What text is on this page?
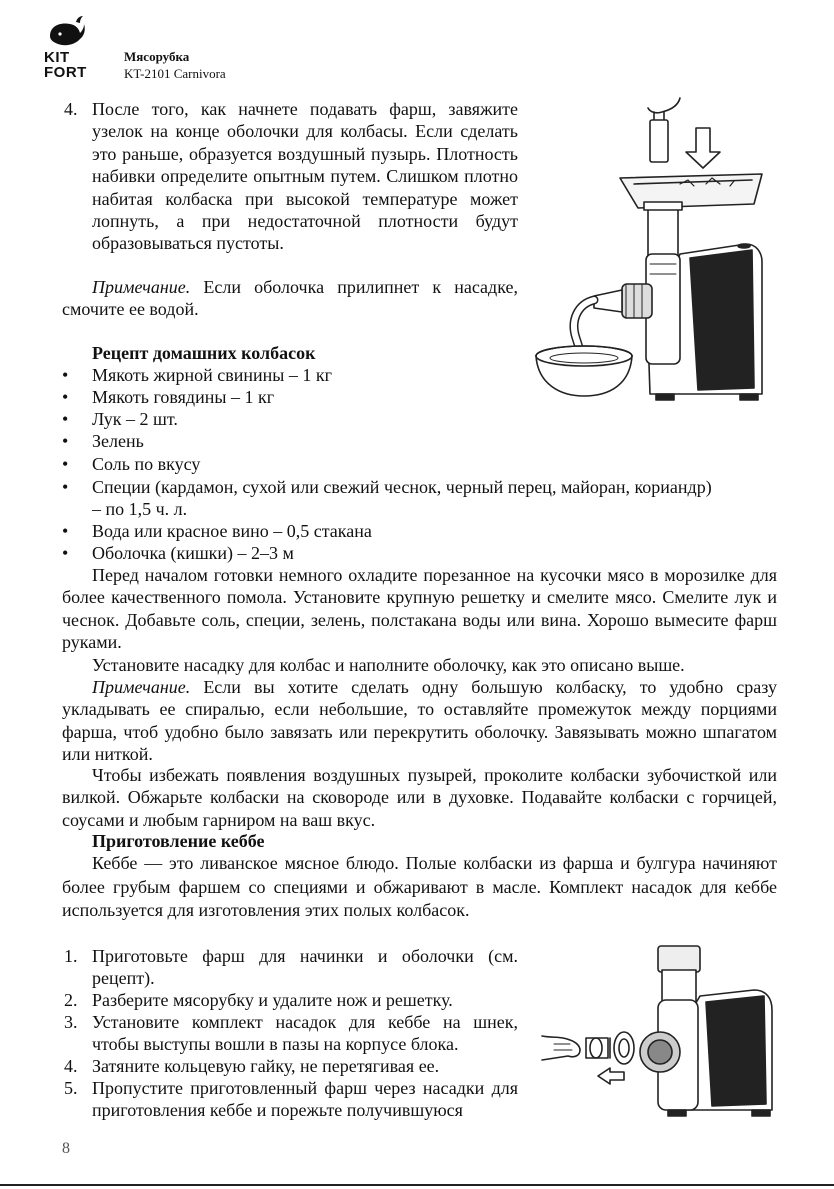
KIT
FORT
Мясорубка
KT-2101 Carnivora
4. После того, как начнете подавать фарш, завяжите узелок на конце оболочки для колбасы. Если сделать это раньше, образуется воздушный пузырь. Плотность набивки определите опытным путем. Слишком плотно набитая колбаска при высокой температуре может лопнуть, а при недостаточной плотности будут образовываться пустоты.
Примечание. Если оболочка прилипнет к насадке, смочите ее водой.
Рецепт домашних колбасок
• Мякоть жирной свинины – 1 кг
• Мякоть говядины – 1 кг
• Лук – 2 шт.
• Зелень
• Соль по вкусу
• Специи (кардамон, сухой или свежий чеснок, черный перец, майоран, кориандр)
– по 1,5 ч. л.
• Вода или красное вино – 0,5 стакана
• Оболочка (кишки) – 2–3 м
Перед началом готовки немного охладите порезанное на кусочки мясо в морозилке для более качественного помола. Установите крупную решетку и смелите мясо. Смелите лук и чеснок. Добавьте соль, специи, зелень, полстакана воды или вина. Хорошо вымесите фарш руками.
Установите насадку для колбас и наполните оболочку, как это описано выше.
Примечание. Если вы хотите сделать одну большую колбаску, то удобно сразу укладывать ее спиралью, если небольшие, то оставляйте промежуток между порциями фарша, чтоб удобно было завязать или перекрутить оболочку. Завязывать можно шпагатом или ниткой.
Чтобы избежать появления воздушных пузырей, проколите колбаски зубочисткой или вилкой. Обжарьте колбаски на сковороде или в духовке. Подавайте колбаски с горчицей, соусами и любым гарниром на ваш вкус.
Приготовление кеббе
Кеббе — это ливанское мясное блюдо. Полые колбаски из фарша и булгура начиняют более грубым фаршем со специями и обжаривают в масле. Комплект насадок для кеббе используется для изготовления этих полых колбасок.
1. Приготовьте фарш для начинки и оболочки (см. рецепт).
2. Разберите мясорубку и удалите нож и решетку.
3. Установите комплект насадок для кеббе на шнек, чтобы выступы вошли в пазы на корпусе блока.
4. Затяните кольцевую гайку, не перетягивая ее.
5. Пропустите приготовленный фарш через насадки для приготовления кеббе и порежьте получившуюся
8
